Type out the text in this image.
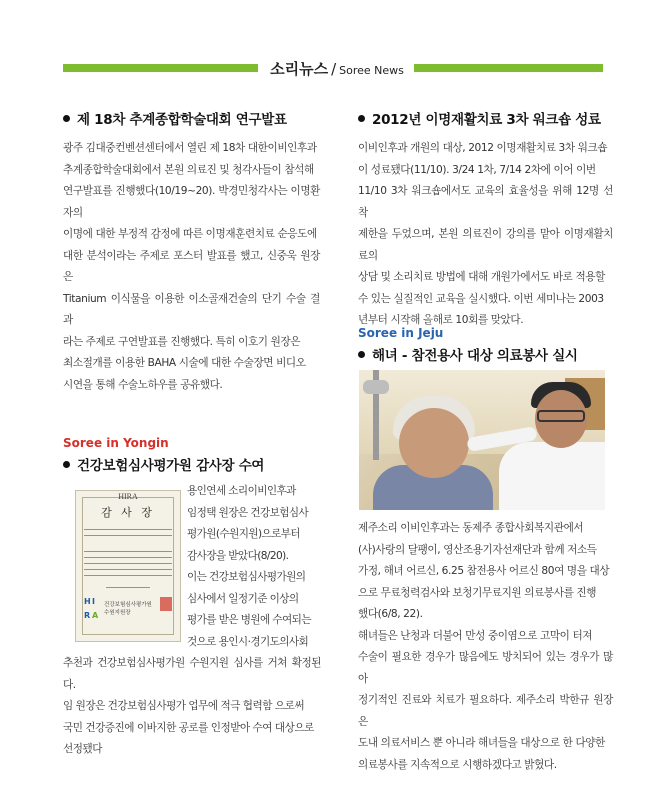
소리뉴스 / Soree News
제 18차 추계종합학술대회 연구발표

광주 김대중컨벤션센터에서 열린 제 18차 대한이비인후과
추계종합학술대회에서 본원 의료진 및 청각사들이 참석해
연구발표를 진행했다(10/19~20). 박경민청각사는 이명환자의
이명에 대한 부정적 감정에 따른 이명재훈련치료 순응도에
대한 분석이라는 주제로 포스터 발표를 했고, 신중욱 원장은
Titanium 이식물을 이용한 이소골재건술의 단기 수술 결과
라는 주제로 구연발표를 진행했다. 특히 이호기 원장은
최소절개를 이용한 BAHA 시술에 대한 수술장면 비디오
시연을 통해 수술노하우를 공유했다.

2012년 이명재활치료 3차 워크숍 성료

이비인후과 개원의 대상, 2012 이명재활치료 3차 워크숍
이 성료됐다(11/10). 3/24 1차, 7/14 2차에 이어 이번
11/10 3차 워크숍에서도 교육의 효율성을 위해 12명 선착
제한을 두었으며, 본원 의료진이 강의를 맡아 이명재활치료의
상담 및 소리치료 방법에 대해 개원가에서도 바로 적용할
수 있는 실질적인 교육을 실시했다. 이번 세미나는 2003
년부터 시작해 올해로 10회를 맞았다.

Soree in Jeju
해녀 - 참전용사 대상 의료봉사 실시

제주소리 이비인후과는 동제주 종합사회복지관에서
(사)사랑의 달팽이, 영산조용기자선재단과 함께 저소득
가정, 해녀 어르신, 6.25 참전용사 어르신 80여 명을 대상
으로 무료청력검사와 보청기무료지원 의료봉사를 진행
했다(6/8, 22).
해녀들은 난청과 더불어 만성 중이염으로 고막이 터져
수술이 필요한 경우가 많음에도 방치되어 있는 경우가 많아
정기적인 진료와 치료가 필요하다. 제주소리 박한규 원장은
도내 의료서비스 뿐 아니라 해녀들을 대상으로 한 다양한
의료봉사를 지속적으로 시행하겠다고 밝혔다.

Soree in Yongin
건강보험심사평가원 감사장 수여
HIRA
감 사 장
H I
R A
건강보험심사평가원
수원지원장

용인연세 소리이비인후과
임정택 원장은 건강보험심사
평가원(수원지원)으로부터
감사장을 받았다(8/20).
이는 건강보험심사평가원의
심사에서 일정기준 이상의
평가를 받은 병원에 수여되는
것으로 용인시·경기도의사회

추천과 건강보험심사평가원 수원지원 심사를 거쳐 확정된다.
임 원장은 건강보험심사평가 업무에 적극 협력함 으로써
국민 건강증진에 이바지한 공로를 인정받아 수여 대상으로
선정됐다
